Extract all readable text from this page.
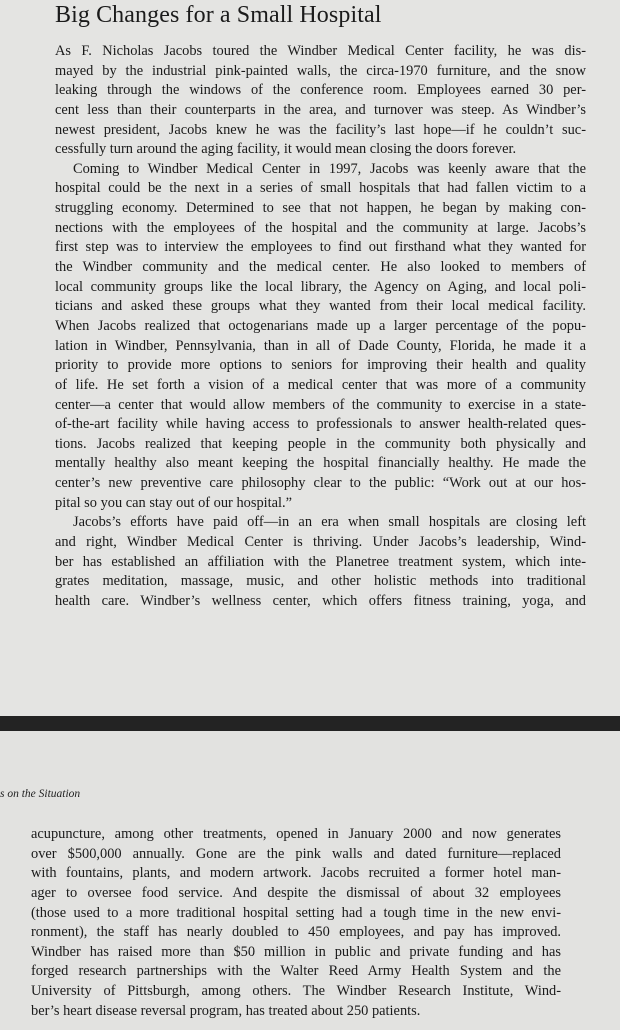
Big Changes for a Small Hospital
As F. Nicholas Jacobs toured the Windber Medical Center facility, he was dis-
mayed by the industrial pink-painted walls, the circa-1970 furniture, and the snow
leaking through the windows of the conference room. Employees earned 30 per-
cent less than their counterparts in the area, and turnover was steep. As Windber’s
newest president, Jacobs knew he was the facility’s last hope—if he couldn’t suc-
cessfully turn around the aging facility, it would mean closing the doors forever.
Coming to Windber Medical Center in 1997, Jacobs was keenly aware that the
hospital could be the next in a series of small hospitals that had fallen victim to a
struggling economy. Determined to see that not happen, he began by making con-
nections with the employees of the hospital and the community at large. Jacobs’s
first step was to interview the employees to find out firsthand what they wanted for
the Windber community and the medical center. He also looked to members of
local community groups like the local library, the Agency on Aging, and local poli-
ticians and asked these groups what they wanted from their local medical facility.
When Jacobs realized that octogenarians made up a larger percentage of the popu-
lation in Windber, Pennsylvania, than in all of Dade County, Florida, he made it a
priority to provide more options to seniors for improving their health and quality
of life. He set forth a vision of a medical center that was more of a community
center—a center that would allow members of the community to exercise in a state-
of-the-art facility while having access to professionals to answer health-related ques-
tions. Jacobs realized that keeping people in the community both physically and
mentally healthy also meant keeping the hospital financially healthy. He made the
center’s new preventive care philosophy clear to the public: “Work out at our hos-
pital so you can stay out of our hospital.”
Jacobs’s efforts have paid off—in an era when small hospitals are closing left
and right, Windber Medical Center is thriving. Under Jacobs’s leadership, Wind-
ber has established an affiliation with the Planetree treatment system, which inte-
grates meditation, massage, music, and other holistic methods into traditional
health care. Windber’s wellness center, which offers fitness training, yoga, and

s on the Situation

acupuncture, among other treatments, opened in January 2000 and now generates
over $500,000 annually. Gone are the pink walls and dated furniture—replaced
with fountains, plants, and modern artwork. Jacobs recruited a former hotel man-
ager to oversee food service. And despite the dismissal of about 32 employees
(those used to a more traditional hospital setting had a tough time in the new envi-
ronment), the staff has nearly doubled to 450 employees, and pay has improved.
Windber has raised more than $50 million in public and private funding and has
forged research partnerships with the Walter Reed Army Health System and the
University of Pittsburgh, among others. The Windber Research Institute, Wind-
ber’s heart disease reversal program, has treated about 250 patients.
